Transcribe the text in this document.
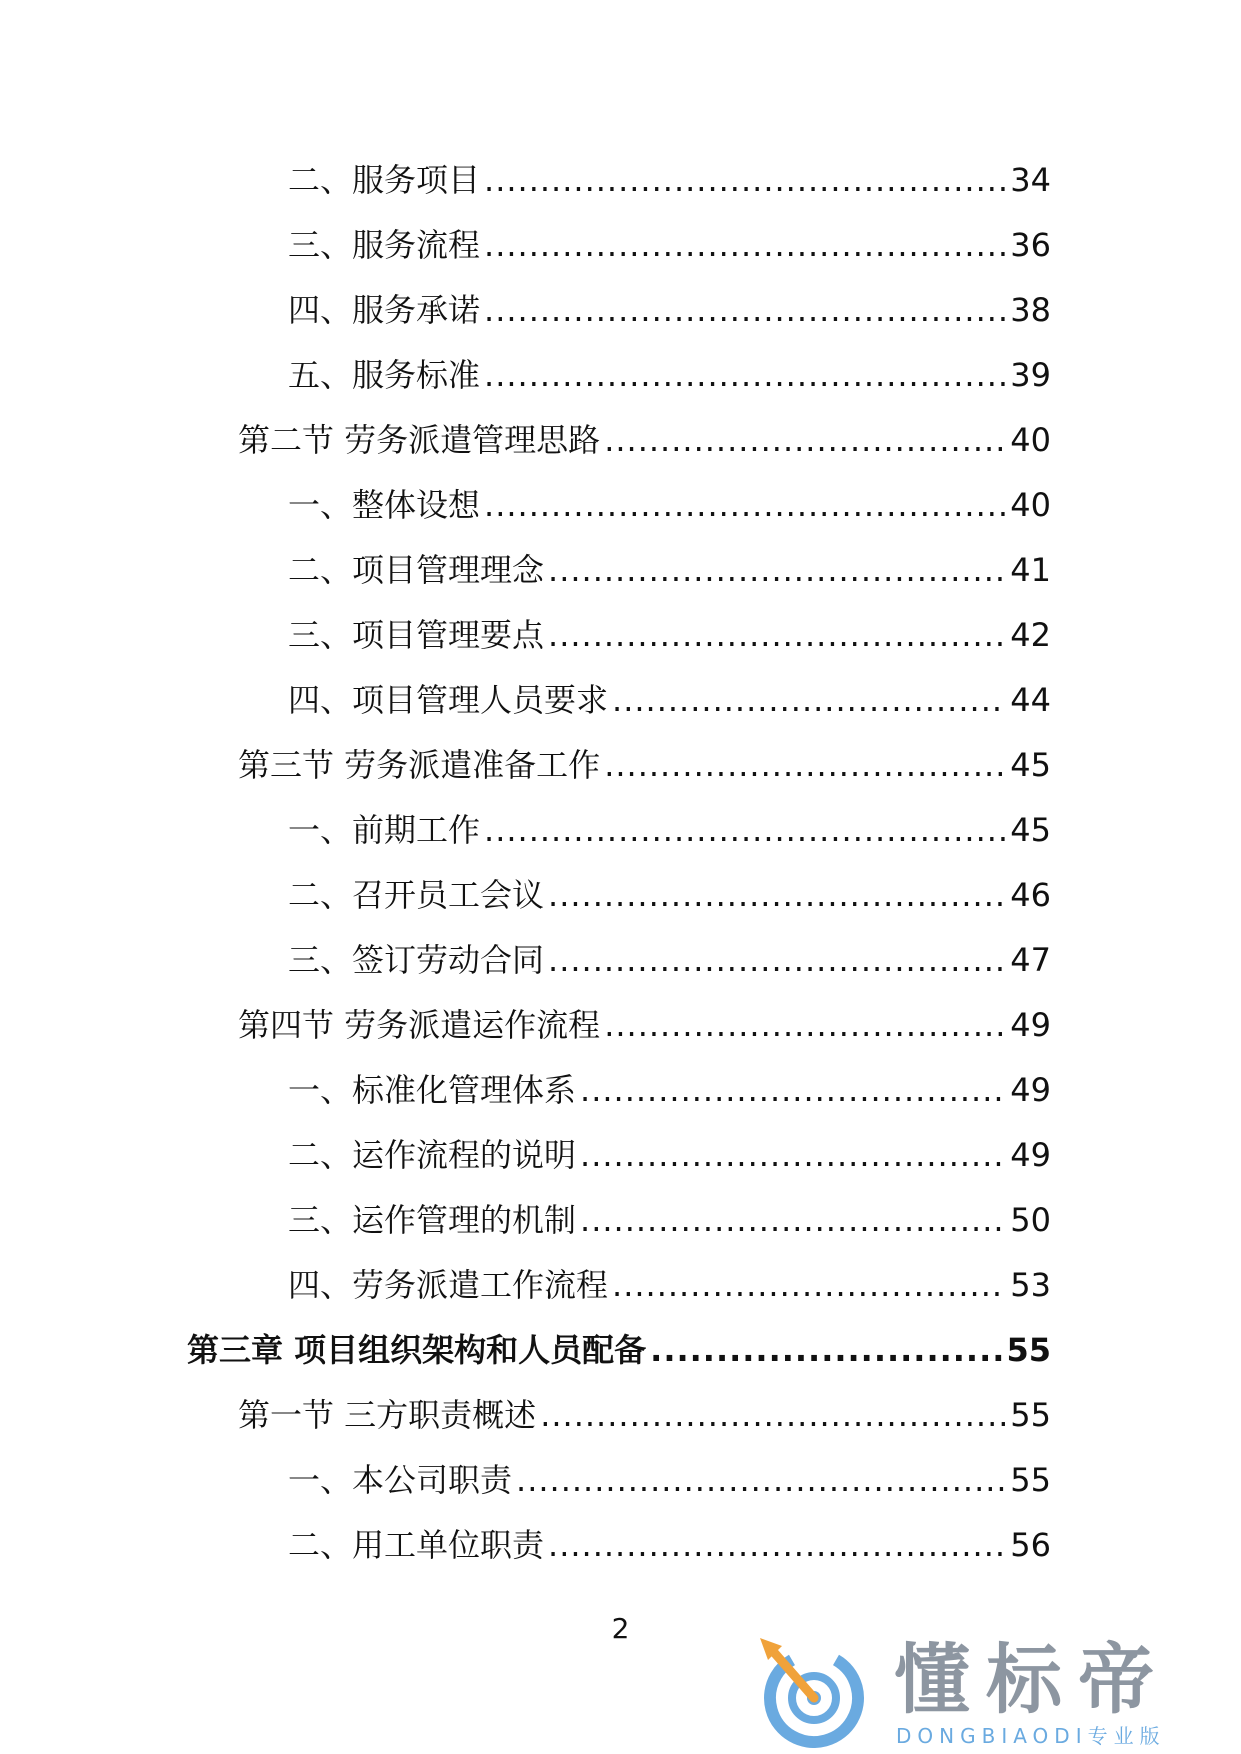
二、服务项目 .....	34
三、服务流程 .....	36
四、服务承诺 .....	38
五、服务标准 .....	39
第二节 劳务派遣管理思路 .....	40
一、整体设想 .....	40
二、项目管理理念 .....	41
三、项目管理要点 .....	42
四、项目管理人员要求 .....	44
第三节 劳务派遣准备工作 .....	45
一、前期工作 .....	45
二、召开员工会议 .....	46
三、签订劳动合同 .....	47
第四节 劳务派遣运作流程 .....	49
一、标准化管理体系 .....	49
二、运作流程的说明 .....	49
三、运作管理的机制 .....	50
四、劳务派遣工作流程 .....	53
第三章 项目组织架构和人员配备 .....	55
第一节 三方职责概述 .....	55
一、本公司职责 .....	55
二、用工单位职责 .....	56
2
懂标帝
DONGBIAODI专业版
